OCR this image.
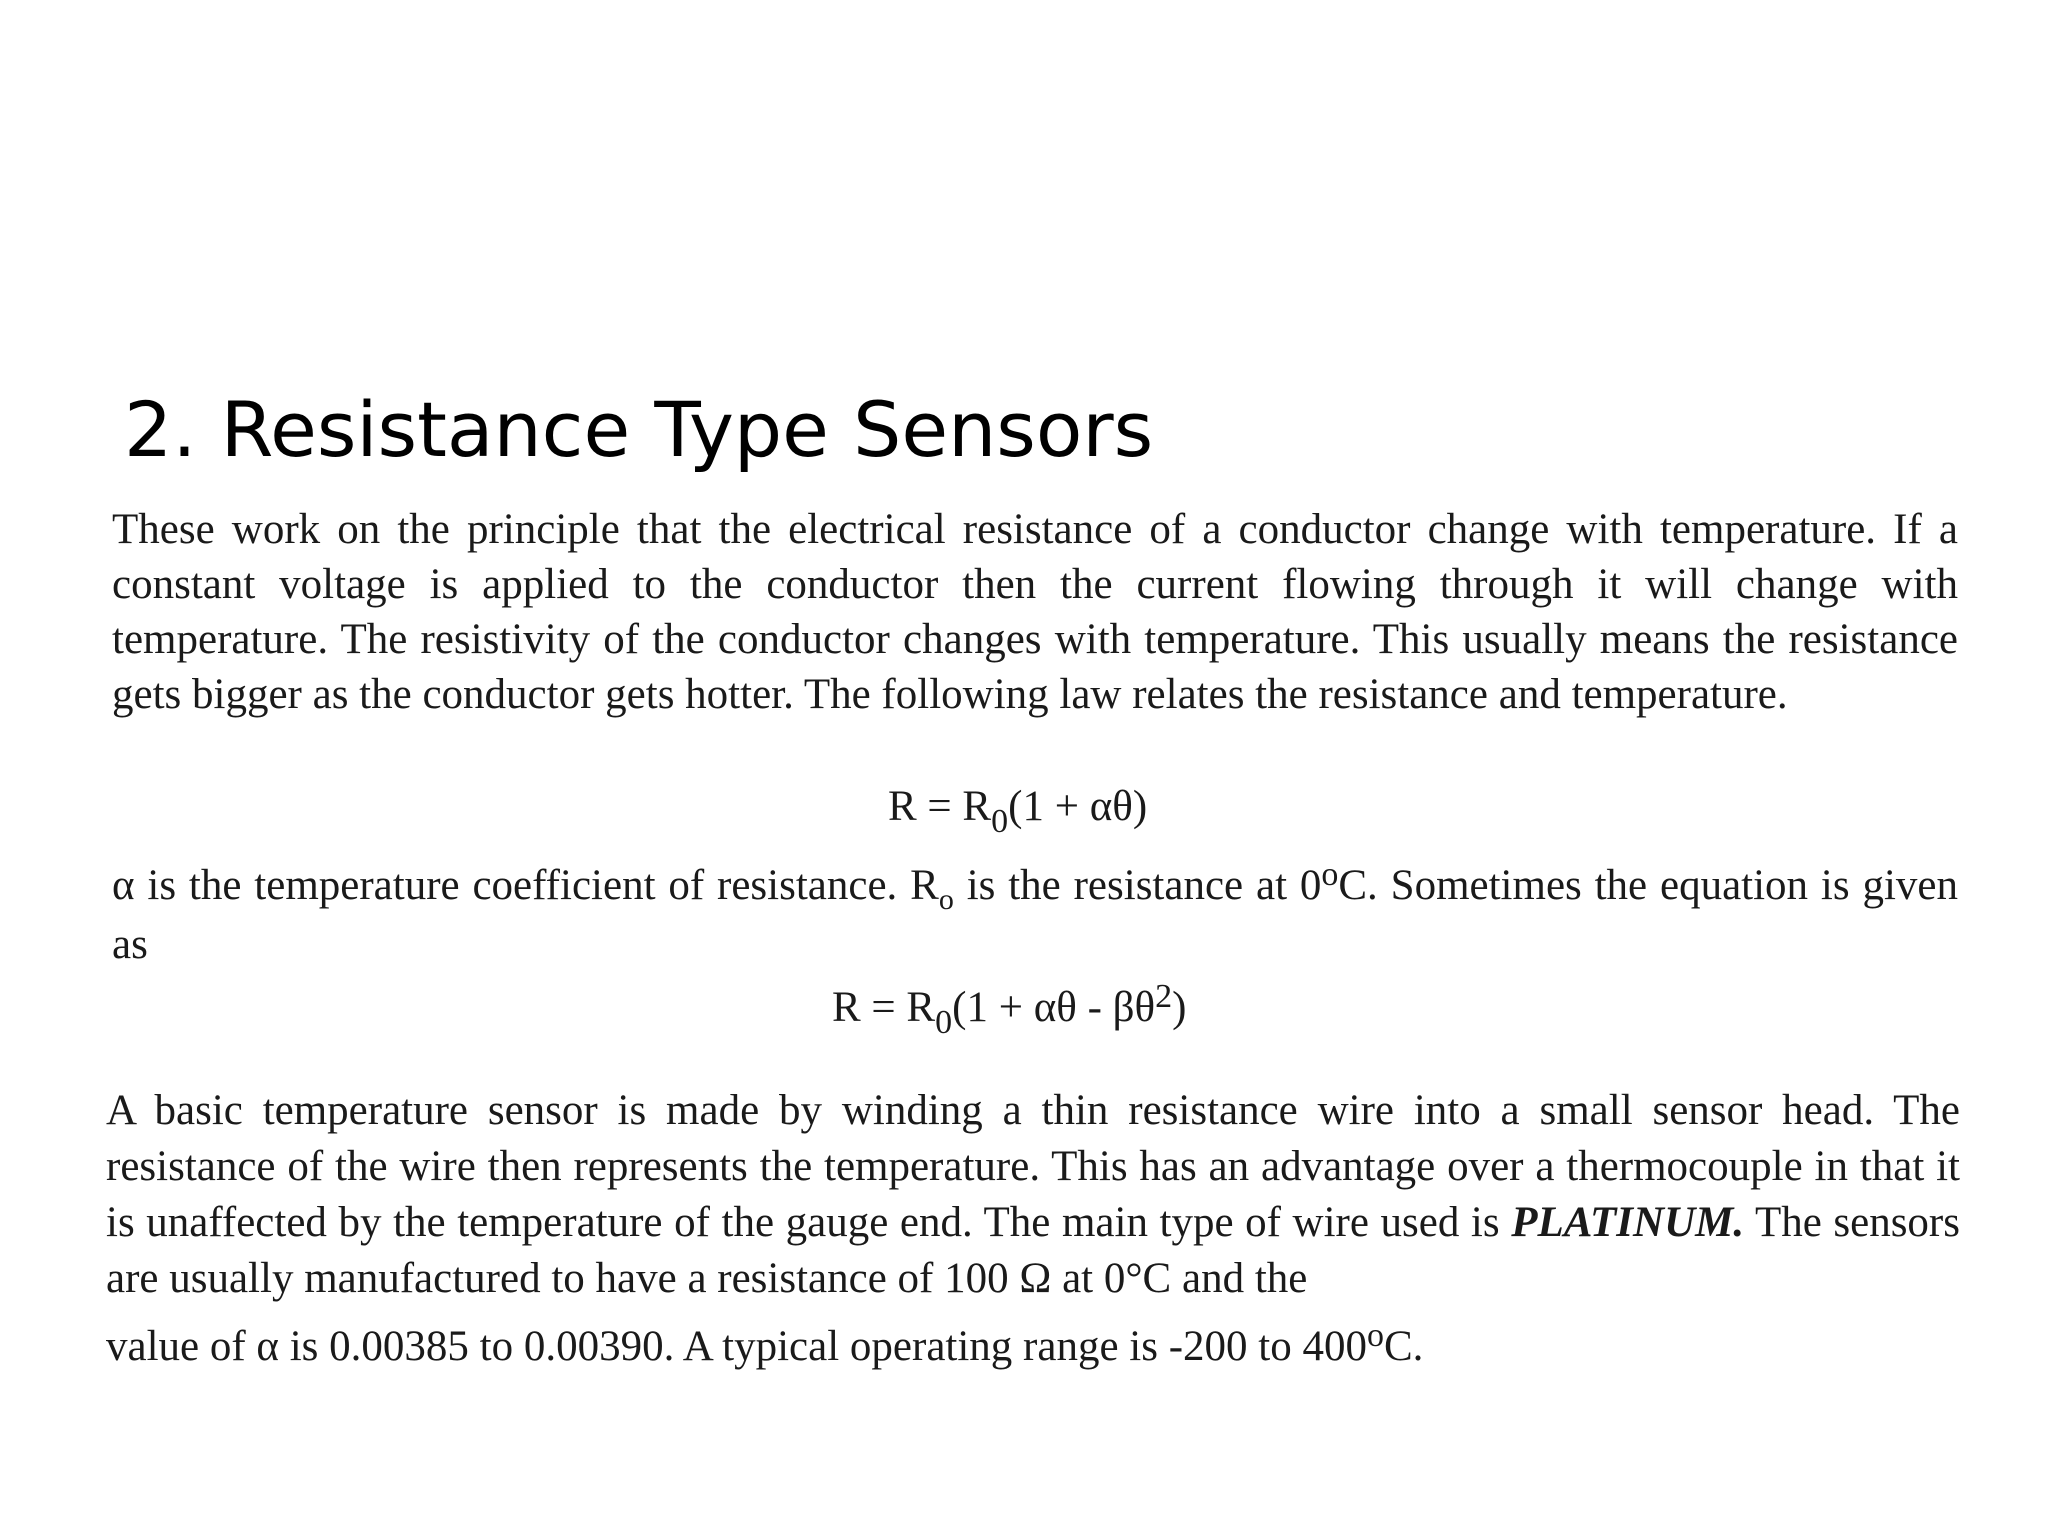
2. Resistance Type Sensors
These work on the principle that the electrical resistance of a conductor change with temperature. If a constant voltage is applied to the conductor then the current flowing through it will change with temperature. The resistivity of the conductor changes with temperature. This usually means the resistance gets bigger as the conductor gets hotter. The following law relates the resistance and temperature.
$R = R_0(1 + \alpha\theta)$
α is the temperature coefficient of resistance. $R_o$ is the resistance at 0$^o$C. Sometimes the equation is given as
$R = R_0(1 + \alpha\theta - \beta\theta^2)$
A basic temperature sensor is made by winding a thin resistance wire into a small sensor head. The resistance of the wire then represents the temperature. This has an advantage over a thermocouple in that it is unaffected by the temperature of the gauge end. The main type of wire used is PLATINUM. The sensors are usually manufactured to have a resistance of 100 Ω at 0°C and the
value of α is 0.00385 to 0.00390. A typical operating range is -200 to 400$^o$C.
